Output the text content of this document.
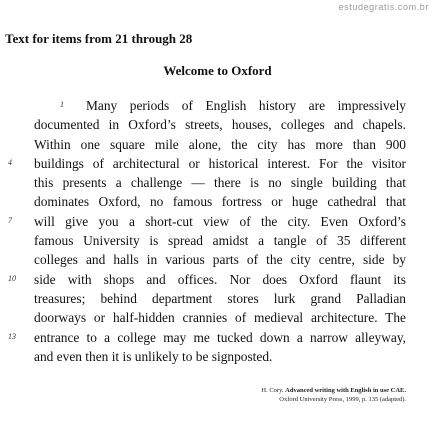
estudegratis.com.br
Text for items from 21 through 28
Welcome to Oxford
1 Many periods of English history are impressively
documented in Oxford’s streets, houses, colleges and chapels.
Within one square mile alone, the city has more than 900
4 buildings of architectural or historical interest. For the visitor
this presents a challenge — there is no single building that
dominates Oxford, no famous fortress or huge cathedral that
7 will give you a short-cut view of the city. Even Oxford’s
famous University is spread amidst a tangle of 35 different
colleges and halls in various parts of the city centre, side by
10 side with shops and offices. Nor does Oxford flaunt its
treasures; behind department stores lurk grand Palladian
doorways or half-hidden crannies of medieval architecture. The
13 entrance to a college may me tucked down a narrow alleyway,
and even then it is unlikely to be signposted.
H. Cory. Advanced writing with English in use CAE.
Oxford University Press, 1999, p. 135 (adapted).
